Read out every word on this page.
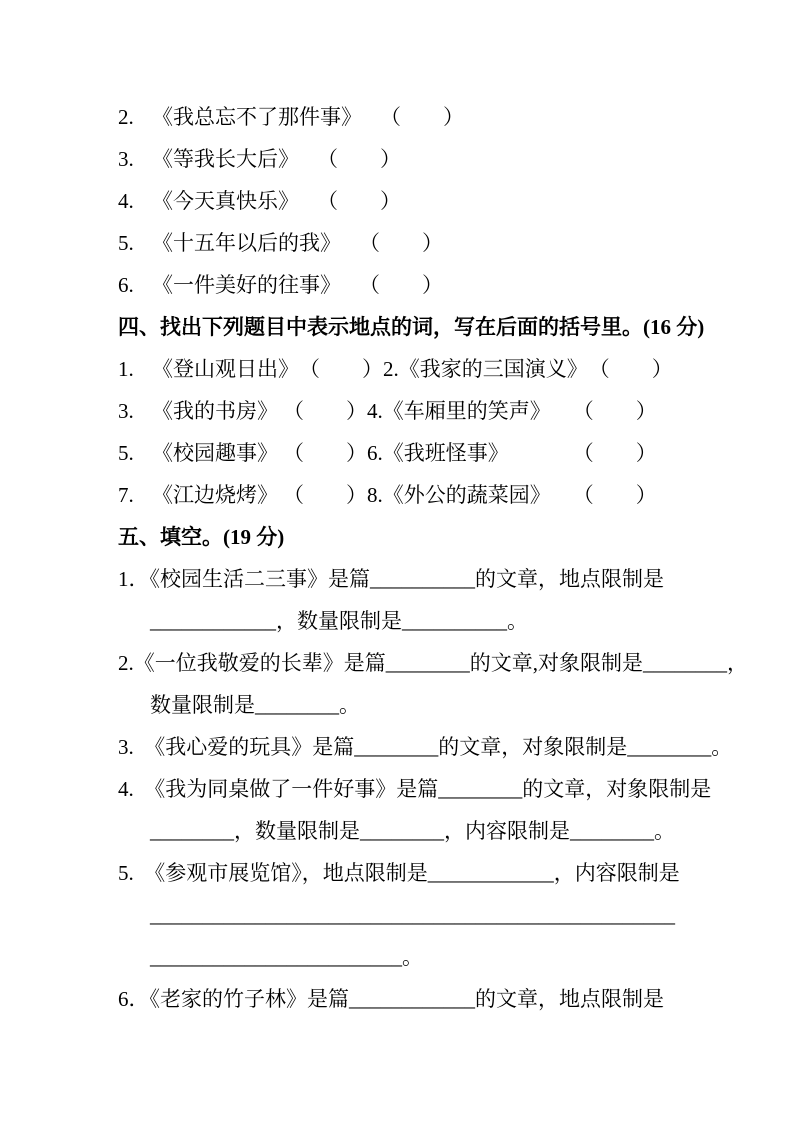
2. 《我总忘不了那件事》 （　　）
3. 《等我长大后》 （　　）
4. 《今天真快乐》 （　　）
5. 《十五年以后的我》 （　　）
6. 《一件美好的往事》 （　　）
四、找出下列题目中表示地点的词，写在后面的括号里。(16 分)
1. 《登山观日出》 （　　） 2. 《我家的三国演义》 （　　）
3. 《我的书房》 （　　） 4. 《车厢里的笑声》	（　　）
5. 《校园趣事》 （　　） 6. 《我班怪事》	（　　）
7. 《江边烧烤》 （　　） 8. 《外公的蔬菜园》	（　　）
五、填空。(19 分)
1．《校园生活二三事》是篇__________的文章，地点限制是
____________，数量限制是__________。
2.《一位我敬爱的长辈》是篇________的文章,对象限制是________，
数量限制是________。
3.  《我心爱的玩具》是篇________的文章，对象限制是________。
4.  《我为同桌做了一件好事》是篇________的文章，对象限制是
________，数量限制是________，内容限制是________。
5.  《参观市展览馆》，地点限制是____________，内容限制是
__________________________________________________
________________________。
6．《老家的竹子林》是篇____________的文章，地点限制是
